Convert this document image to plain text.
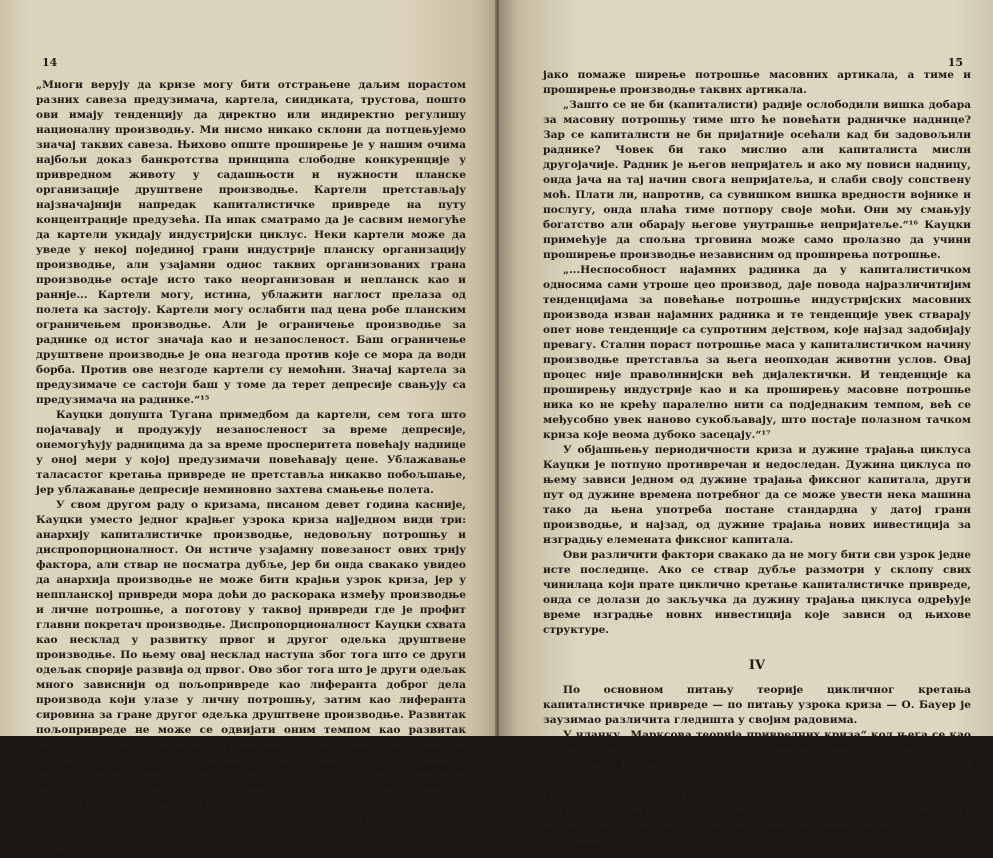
14

„Многи верују да кризе могу бити отстрањене даљим порастом разних савеза предузимача, картела, синдиката, трустова, пошто ови имају тенденцију да директно или индиректно регулишу националну производњу. Ми нисмо никако склони да потцењујемо значај таквих савеза. Њихово опште проширење је у нашим очима најбољи доказ банкротства принципа слободне конкуренције у привредном животу у садашњости и нужности планске организације друштвене производње. Картели претстављају најзначајнији напредак капиталистичке привреде на путу концентрације предузећа. Па ипак сматрамо да је сасвим немогуће да картели укидају индустријски циклус. Неки картели може да уведе у некој појединој грани индустрије планску организацију производње, али узајамни однос таквих организованих грана производње остаје исто тако неорганизован и непланск као и раније... Картели могу, истина, ублажити наглост прелаза од полета ка застоју. Картели могу ослабити пад цена робе планским ограничењем производње. Али је ограничење производње за раднике од истог значаја као и незапосленост. Баш ограничење друштвене производње је она незгода против које се мора да води борба. Против ове незгоде картели су немоћни. Значај картела за предузимаче се састоји баш у томе да терет депресије свањују са предузимача на раднике.“¹⁵

Кауцки допушта Тугана примедбом да картели, сем тога што појачавају и продужују незапосленост за време депресије, онемогућују радницима да за време просперитета повећају наднице у оној мери у којој предузимачи повећавају цене. Ублажавање таласастог кретања привреде не претставља никакво побољшање, јер ублажавање депресије неминовно захтева смањење полета.

У свом другом раду о кризама, писаном девет година касније, Кауцки уместо једног крајњег узрока криза најједном види три: анархију капиталистичке производње, недовољну потрошњу и диспропорционалност. Он истиче узајамну повезаност ових трију фактора, али ствар не посматра дубље, јер би онда свакако увидео да анархија производње не може бити крајњи узрок криза, јер у неппланској привреди мора доћи до раскорака између производње и личне потрошње, а поготову у таквој привреди где је профит главни покретач производње. Диспропорционалност Кауцки схвата као несклад у развитку првог и другог одељка друштвене производње. По њему овај несклад наступа због тога што се други одељак спорије развија од првог. Ово због тога што је други одељак много зависнији од пољопривреде као лиферанта доброг дела производа који улазе у личну потрошњу, затим као лиферанта сировина за гране другог одељка друштвене производње. Развитак пољопривреде не може се одвијати оним темпом као развитак индустрије због природне ограничености земљишта и приватне својине на земљу. Објашњења Кауцког свакако су површна и диспропорционалност између I и II одељка у крајњој линији је резултат недовољне личне потрошње, јер кад би она била довољна склад између одељака био би обезбеђен.

Анализирајући недовољну потрошњу, Кауцки правилно примећује да пораст милитаризма и других облика непробне производње

15

јако помаже ширење потрошње масовних артикала, а тиме и проширење производње таквих артикала.

„Зашто се не би (капиталисти) радије ослободили вишка добара за масовну потрошњу тиме што ће повећати радничке наднице? Зар се капиталисти не би пријатније осећали кад би задовољили раднике? Човек би тако мислио али капиталиста мисли другојачије. Радник је његов непријатељ и ако му повиси надницу, онда јача на тај начин свога непријатеља, и слаби своју сопствену моћ. Плати ли, напротив, са сувишком вишка вредности војнике и послугу, онда плаћа тиме потпору своје моћи. Они му смањују богатство али обарају његове унутрашње непријатеље.“¹⁶ Кауцки примећује да спољна трговина може само пролазно да учини проширење производње независним од проширења потрошње.

„...Неспособност најамних радника да у капиталистичком односима сами утроше цео производ, даје повода најразличитијим тенденцијама за повећање потрошње индустријских масовних производа изван најамних радника и те тенденције увек стварају опет нове тенденције са супротним дејством, које најзад задобијају превагу. Стални пораст потрошње маса у капиталистичком начину производње претставља за њега неопходан животни услов. Овај процес није праволинијски већ дијалектички. И тенденције ка проширењу индустрије као и ка проширењу масовне потрошње ника ко не крећу паралелно нити са подједнаким темпом, већ се међусобно увек наново сукобљавају, што постаје полазном тачком криза које веома дубоко засецају.“¹⁷

У објашњењу периодичности криза и дужине трајања циклуса Кауцки је потпуно противречан и недоследан. Дужина циклуса по њему зависи једном од дужине трајања фиксног капитала, други пут од дужине времена потребног да се може увести нека машина тако да њена употреба постане стандардна у датој грани производње, и најзад, од дужине трајања нових инвестиција за изградњу елемената фиксног капитала.

Ови различити фактори свакако да не могу бити сви узрок једне исте последице. Ако се ствар дубље размотри у склопу свих чинилаца који прате циклично кретање капиталистичке привреде, онда се долази до закључка да дужину трајања циклуса одређује време изградње нових инвестиција које зависи од њихове структуре.

IV

По основном питању теорије цикличног кретања капиталистичке привреде — по питању узрока криза — О. Бауер је заузимао различита гледишта у својим радовима.

У чланку „Марксова теорија привредних криза“ код њега се као узрок криза преплићу диспропорционалност и недовољна потрошња. По њему, пропорционалност у привреди се ремети кретањем ка вишем органском саставу капитала и чињеницом да све мањи део капитала служи производњи добара за личну потрошњу. Диспропорционалност долази до израза у моменту недовољне потрошње. Да би објаснио диспропорционалност Бауер објашњава
